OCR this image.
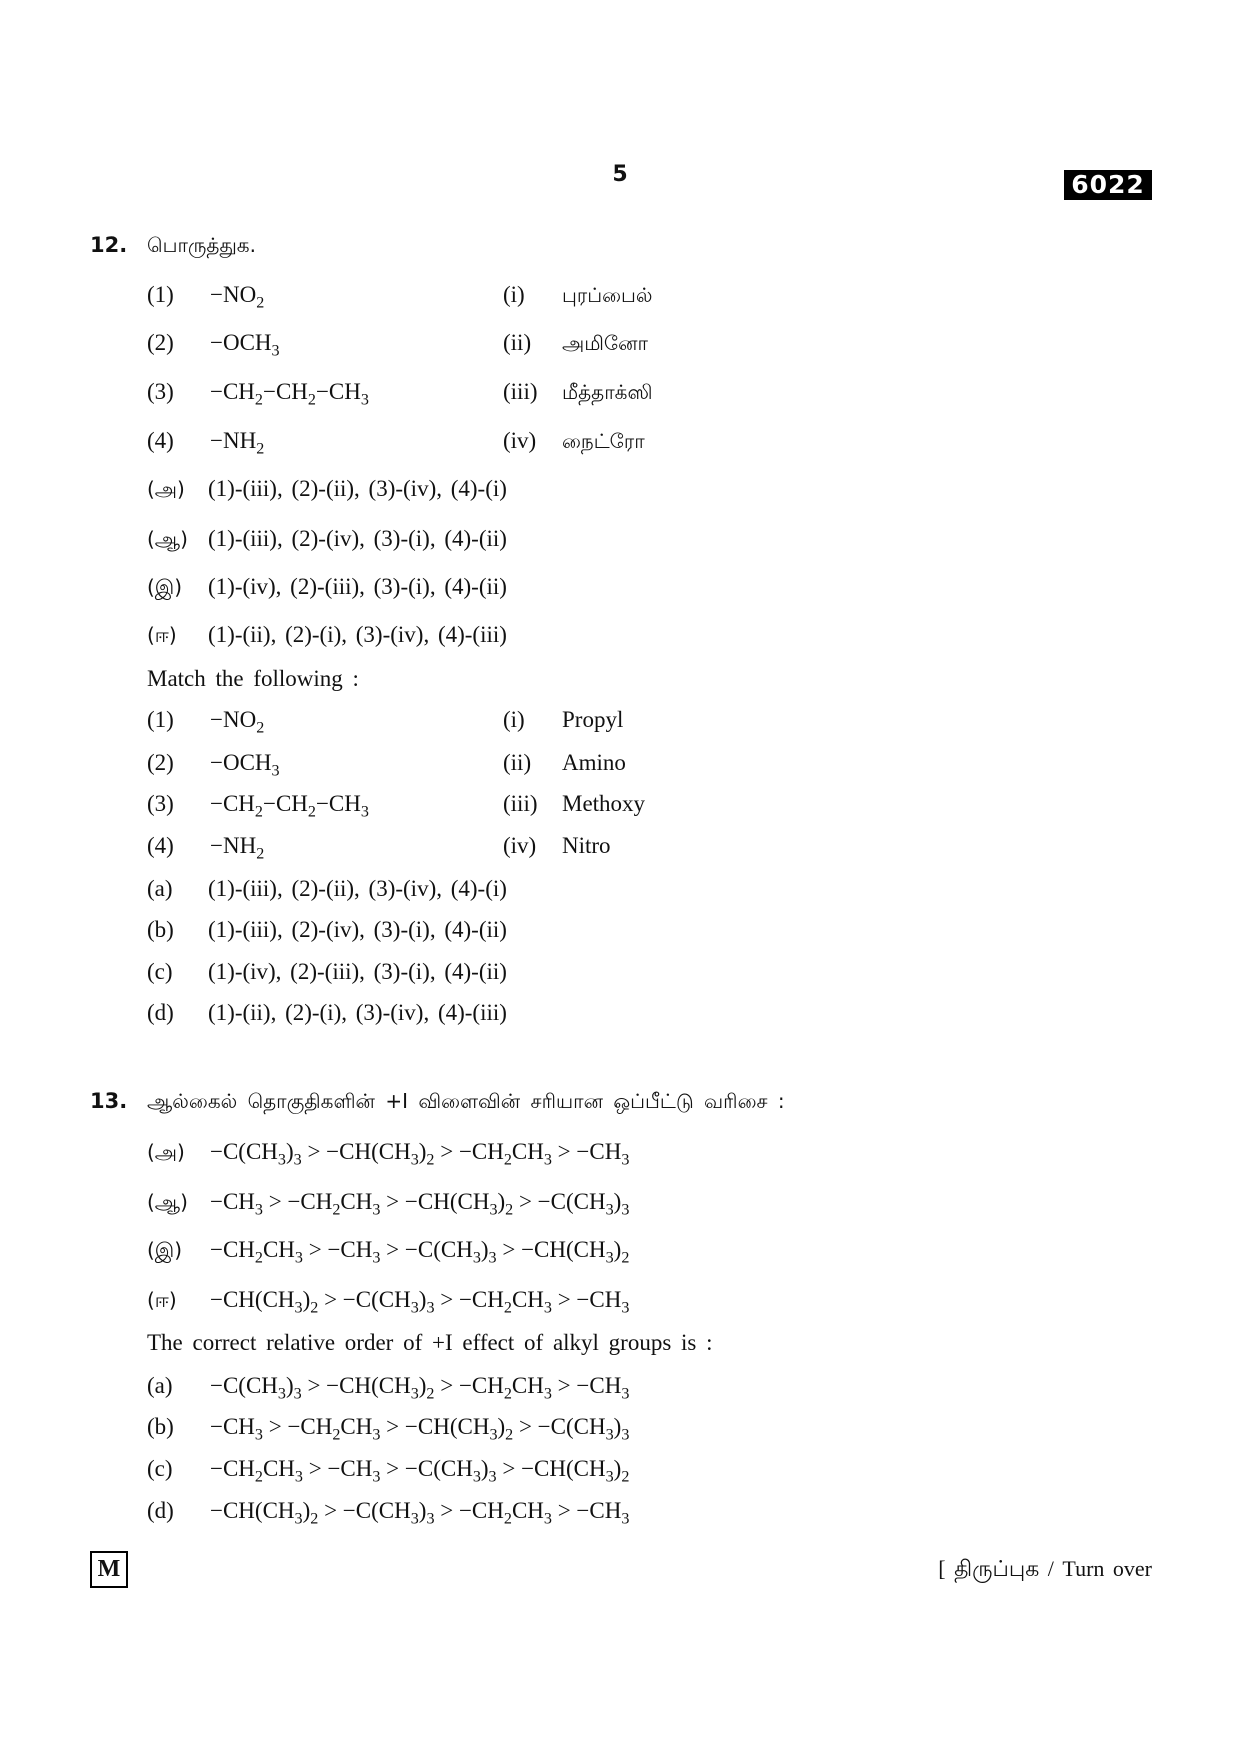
5	6022
12. பொருத்துக.
$(1) -NO_2$	(i) புரப்பைல்
$(2) -OCH_3$	(ii) அமினோ
$(3) -CH_2-CH_2-CH_3$	(iii) மீத்தாக்ஸி
$(4) -NH_2$	(iv) நைட்ரோ
(அ) (1)-(iii), (2)-(ii), (3)-(iv), (4)-(i)
(ஆ) (1)-(iii), (2)-(iv), (3)-(i), (4)-(ii)
(இ) (1)-(iv), (2)-(iii), (3)-(i), (4)-(ii)
(ஈ) (1)-(ii), (2)-(i), (3)-(iv), (4)-(iii)
Match the following :
$(1) -NO_2$	(i) Propyl
$(2) -OCH_3$	(ii) Amino
$(3) -CH_2-CH_2-CH_3$	(iii) Methoxy
$(4) -NH_2$	(iv) Nitro
(a) (1)-(iii), (2)-(ii), (3)-(iv), (4)-(i)
(b) (1)-(iii), (2)-(iv), (3)-(i), (4)-(ii)
(c) (1)-(iv), (2)-(iii), (3)-(i), (4)-(ii)
(d) (1)-(ii), (2)-(i), (3)-(iv), (4)-(iii)
13. ஆல்கைல் தொகுதிகளின் +I விளைவின் சரியான ஒப்பீட்டு வரிசை :
(அ) $-C(CH_3)_3 > -CH(CH_3)_2 > -CH_2CH_3 > -CH_3$
(ஆ) $-CH_3 > -CH_2CH_3 > -CH(CH_3)_2 > -C(CH_3)_3$
(இ) $-CH_2CH_3 > -CH_3 > -C(CH_3)_3 > -CH(CH_3)_2$
(ஈ) $-CH(CH_3)_2 > -C(CH_3)_3 > -CH_2CH_3 > -CH_3$
The correct relative order of +I effect of alkyl groups is :
$(a) -C(CH_3)_3 > -CH(CH_3)_2 > -CH_2CH_3 > -CH_3$
$(b) -CH_3 > -CH_2CH_3 > -CH(CH_3)_2 > -C(CH_3)_3$
$(c) -CH_2CH_3 > -CH_3 > -C(CH_3)_3 > -CH(CH_3)_2$
$(d) -CH(CH_3)_2 > -C(CH_3)_3 > -CH_2CH_3 > -CH_3$
M	[ திருப்புக / Turn over
